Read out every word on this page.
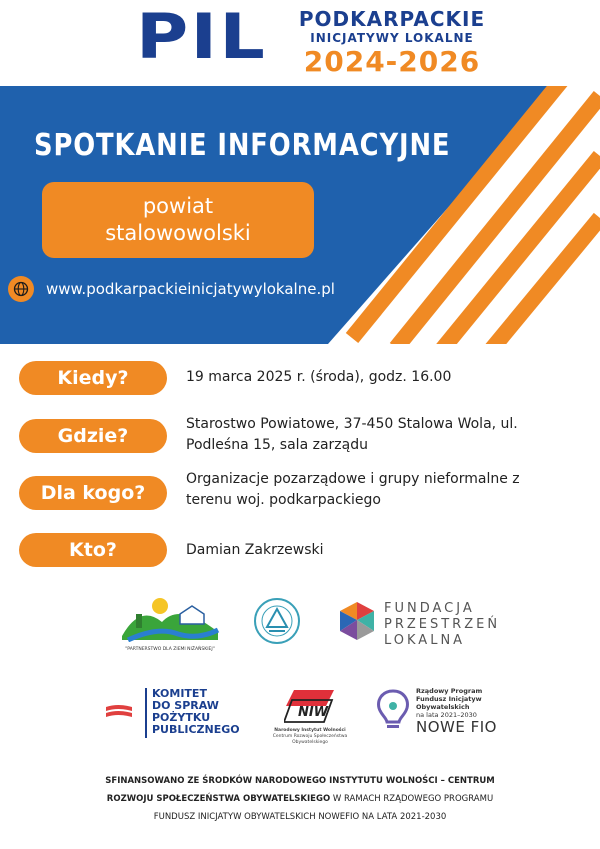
PIL	PODKARPACKIE
INICJATYWY LOKALNE
2024-2026
SPOTKANIE INFORMACYJNE
powiat
stalowowolski
www.podkarpackieinicjatywylokalne.pl
Kiedy?	19 marca 2025 r. (środa), godz. 16.00
Gdzie?
Starostwo Powiatowe, 37-450 Stalowa Wola, ul. Podleśna 15, sala zarządu
Dla kogo?
Organizacje pozarządowe i grupy nieformalne z terenu woj. podkarpackiego
Kto?	Damian Zakrzewski
"PARTNERSTWO DLA ZIEMI NIŻAŃSKIEJ"
FUNDACJA
PRZESTRZEŃ
LOKALNA
KOMITET
DO SPRAW
POŻYTKU
PUBLICZNEGO
NIW
Narodowy Instytut Wolności
Centrum Rozwoju Społeczeństwa Obywatelskiego
Rządowy Program
Fundusz Inicjatyw
Obywatelskich
na lata 2021–2030
NOWE FIO
SFINANSOWANO ZE ŚRODKÓW NARODOWEGO INSTYTUTU WOLNOŚCI – CENTRUM
ROZWOJU SPOŁECZEŃSTWA OBYWATELSKIEGO W RAMACH RZĄDOWEGO PROGRAMU
FUNDUSZ INICJATYW OBYWATELSKICH NOWEFIO NA LATA 2021-2030
